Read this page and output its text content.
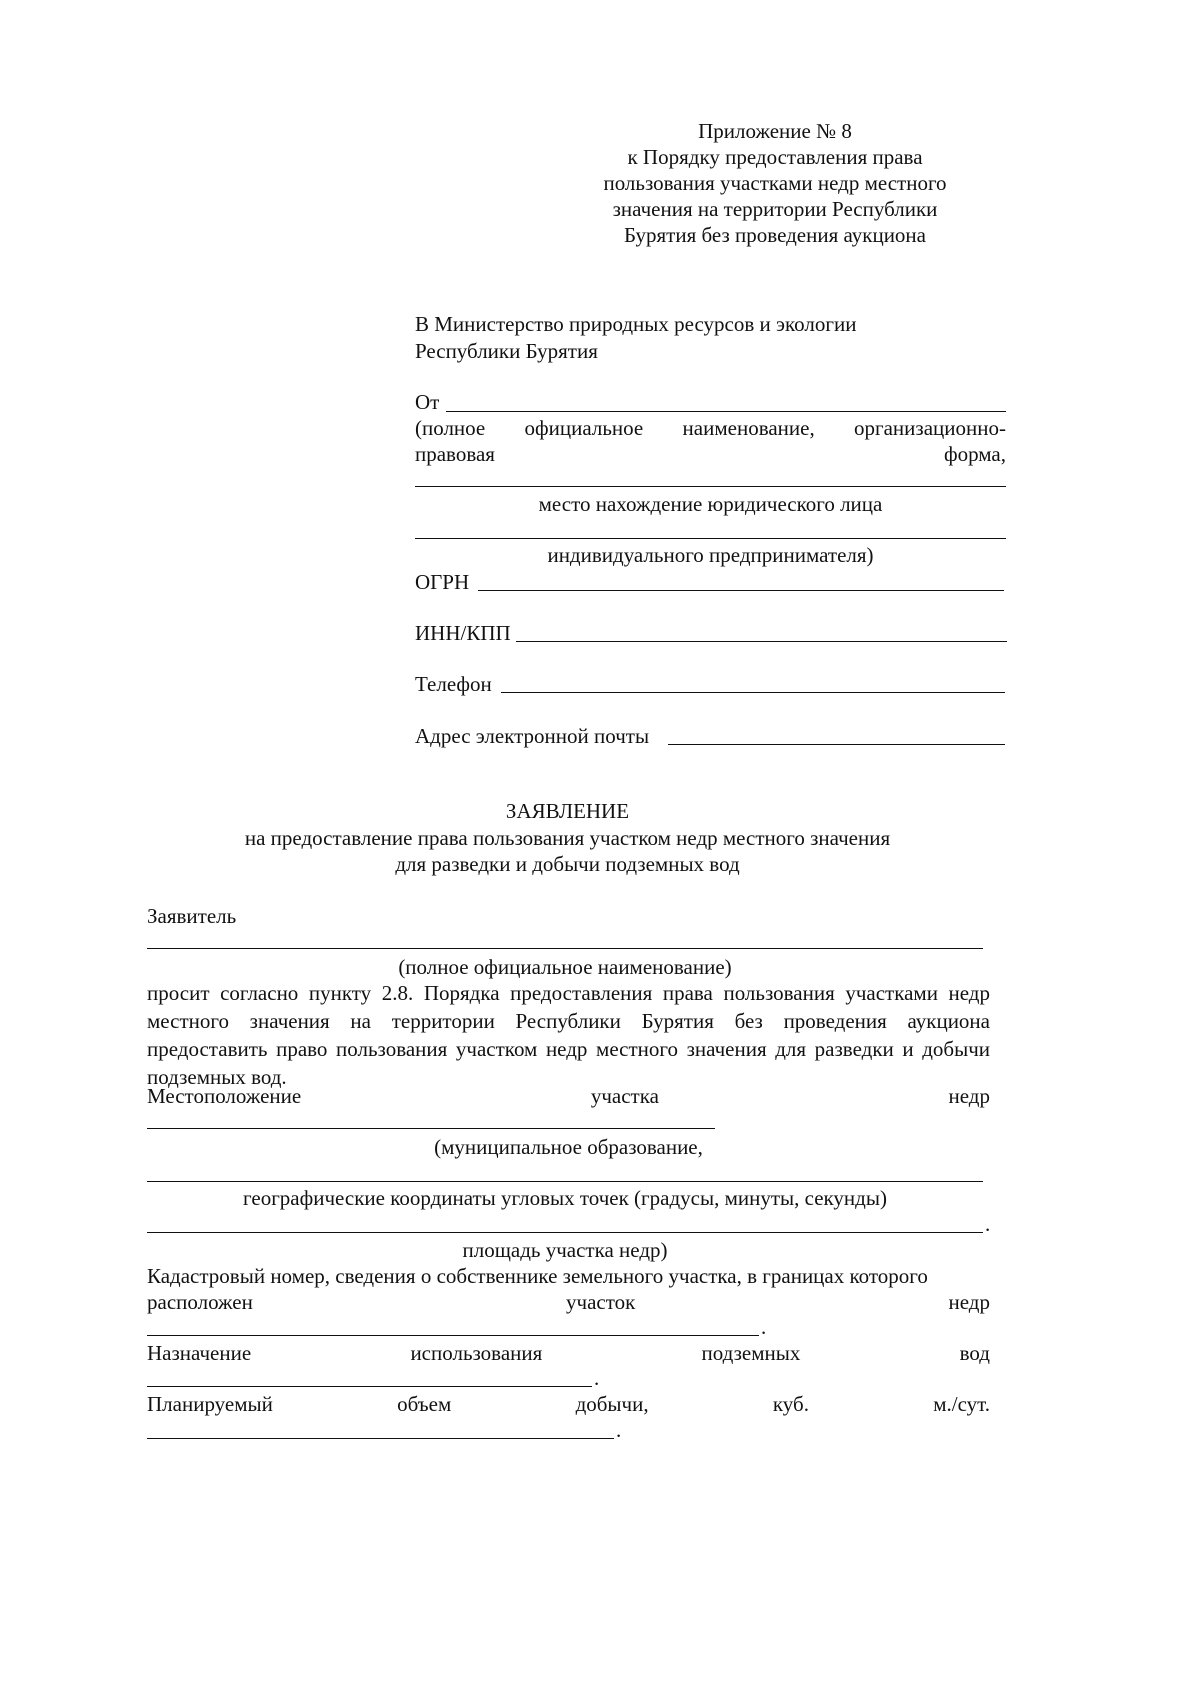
Приложение № 8
к Порядку предоставления права
пользования участками недр местного
значения на территории Республики
Бурятия без проведения аукциона
В Министерство природных ресурсов и экологии
Республики Бурятия
От
(полное официальное наименование, организационно-
правовая	форма,
место нахождение юридического лица
индивидуального предпринимателя)
ОГРН
ИНН/КПП
Телефон
Адрес электронной почты
ЗАЯВЛЕНИЕ
на предоставление права пользования участком недр местного значения
для разведки и добычи подземных вод
Заявитель
(полное официальное наименование)
просит согласно пункту 2.8. Порядка предоставления права пользования участками недр местного значения на территории Республики Бурятия без проведения аукциона предоставить право пользования участком недр местного значения для разведки и добычи подземных вод.
Местоположение	участка	недр
(муниципальное образование,
географические координаты угловых точек (градусы, минуты, секунды)
.
площадь участка недр)
Кадастровый номер, сведения о собственнике земельного участка, в границах которого
расположен	участок	недр
.
Назначение	использования	подземных	вод
.
Планируемый	объем	добычи,	куб.	м./сут.
.
